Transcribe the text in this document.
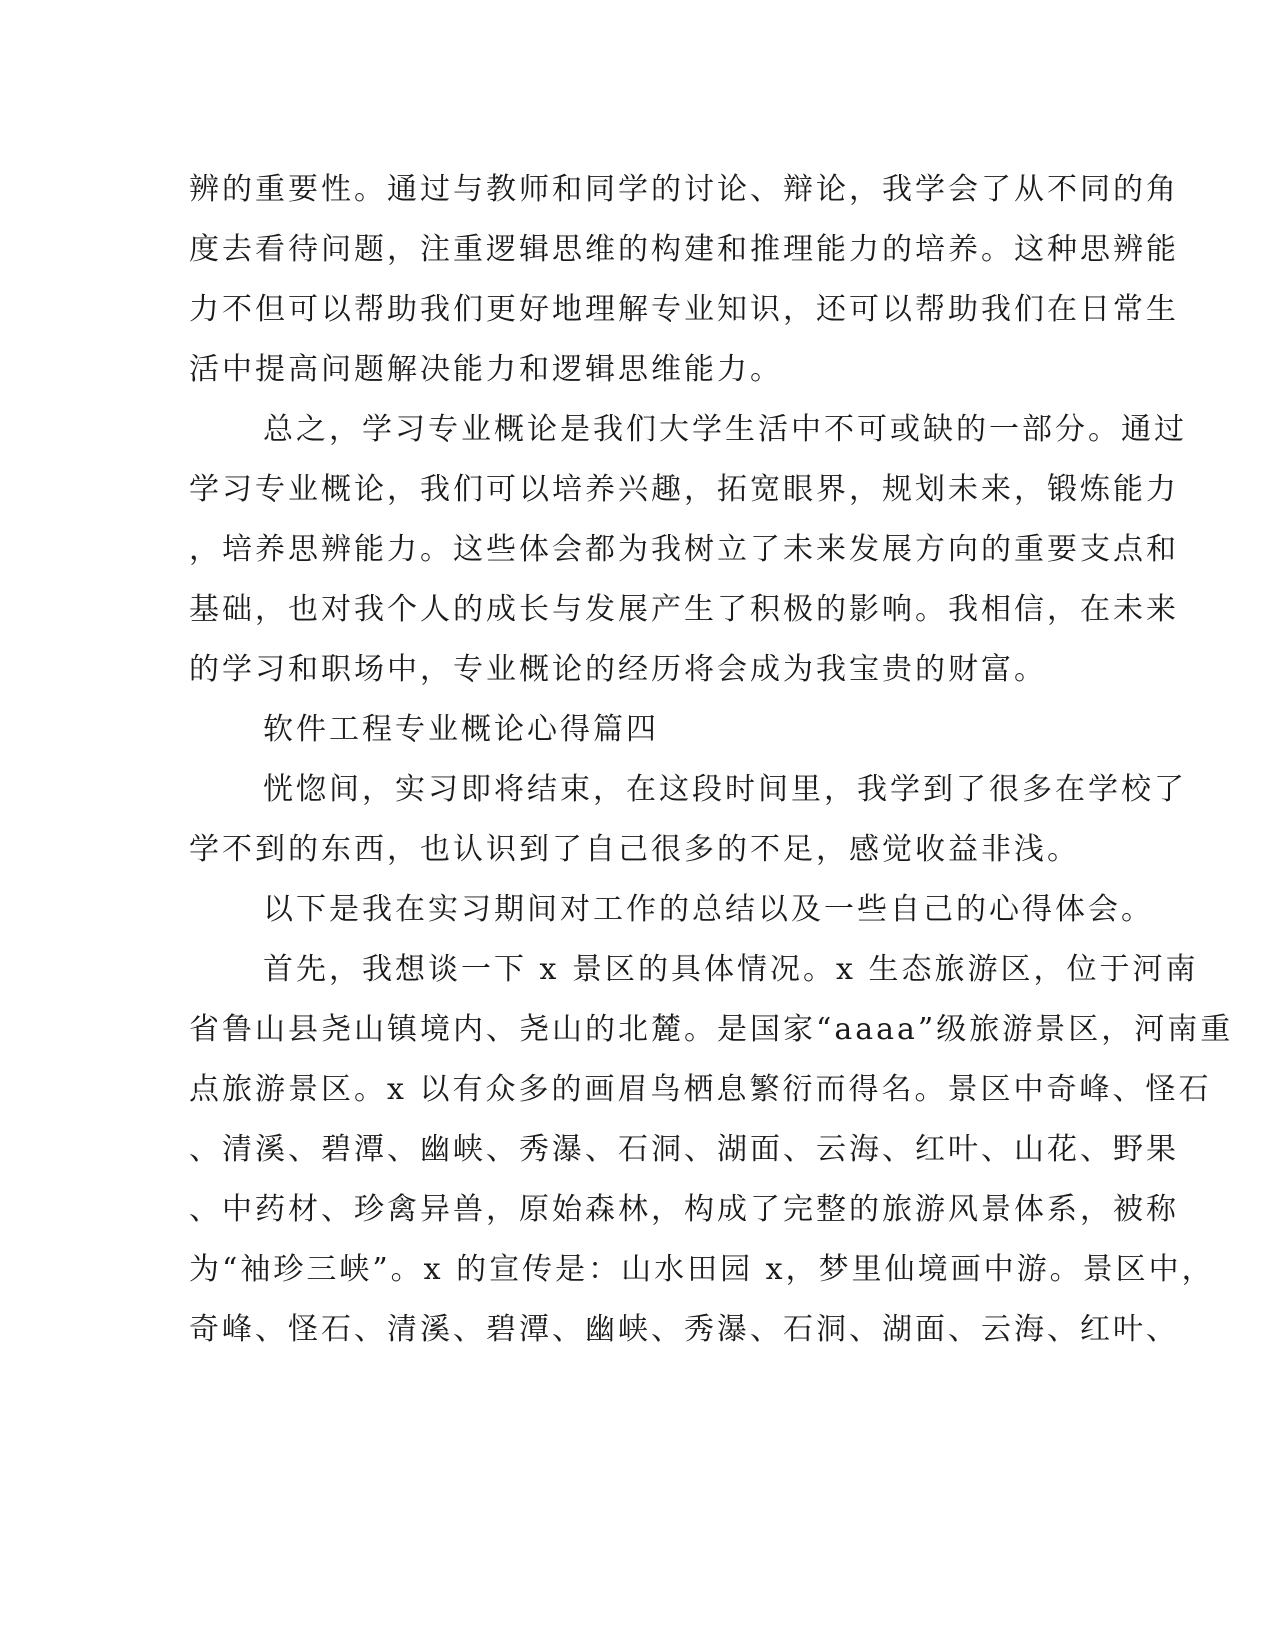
辨的重要性。通过与教师和同学的讨论、辩论，我学会了从不同的角
度去看待问题，注重逻辑思维的构建和推理能力的培养。这种思辨能
力不但可以帮助我们更好地理解专业知识，还可以帮助我们在日常生
活中提高问题解决能力和逻辑思维能力。
总之，学习专业概论是我们大学生活中不可或缺的一部分。通过
学习专业概论，我们可以培养兴趣，拓宽眼界，规划未来，锻炼能力
，培养思辨能力。这些体会都为我树立了未来发展方向的重要支点和
基础，也对我个人的成长与发展产生了积极的影响。我相信，在未来
的学习和职场中，专业概论的经历将会成为我宝贵的财富。
软件工程专业概论心得篇四
恍惚间，实习即将结束，在这段时间里，我学到了很多在学校了
学不到的东西，也认识到了自己很多的不足，感觉收益非浅。
以下是我在实习期间对工作的总结以及一些自己的心得体会。
首先，我想谈一下 x 景区的具体情况。x 生态旅游区，位于河南
省鲁山县尧山镇境内、尧山的北麓。是国家“aaaa”级旅游景区，河南重
点旅游景区。x 以有众多的画眉鸟栖息繁衍而得名。景区中奇峰、怪石
、清溪、碧潭、幽峡、秀瀑、石洞、湖面、云海、红叶、山花、野果
、中药材、珍禽异兽，原始森林，构成了完整的旅游风景体系，被称
为“袖珍三峡”。x 的宣传是：山水田园 x，梦里仙境画中游。景区中，
奇峰、怪石、清溪、碧潭、幽峡、秀瀑、石洞、湖面、云海、红叶、
